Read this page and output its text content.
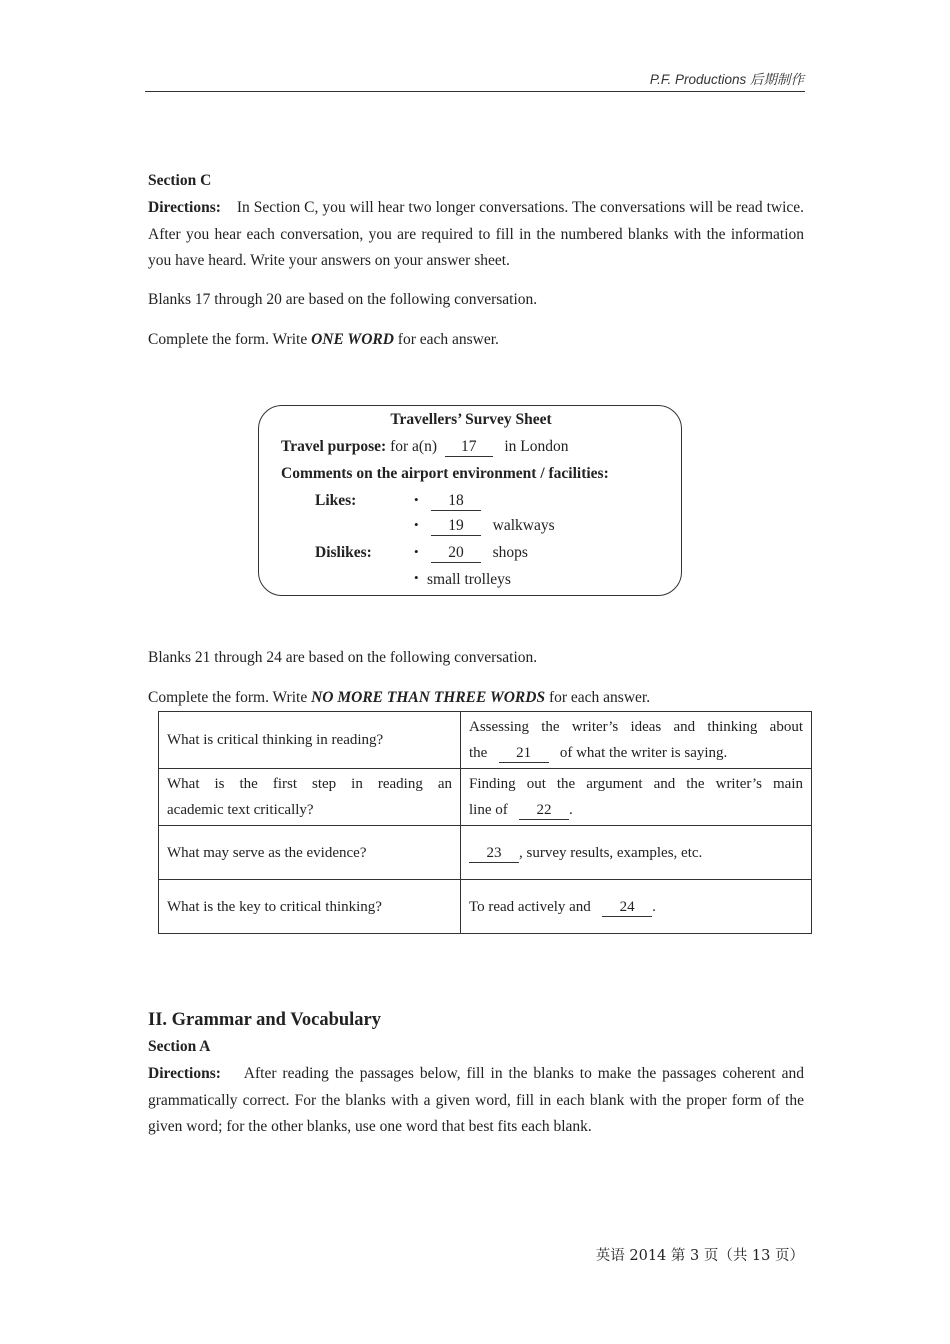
P.F. Productions 后期制作
Section C
Directions: In Section C, you will hear two longer conversations. The conversations will be read twice. After you hear each conversation, you are required to fill in the numbered blanks with the information you have heard. Write your answers on your answer sheet.
Blanks 17 through 20 are based on the following conversation.
Complete the form. Write ONE WORD for each answer.
Travellers’ Survey Sheet
Travel purpose: for a(n) 17 in London
Comments on the airport environment / facilities:
Likes:	•	18
•	19 walkways
Dislikes:	•	20 shops
• small trolleys
Blanks 21 through 24 are based on the following conversation.
Complete the form. Write NO MORE THAN THREE WORDS for each answer.
What is critical thinking in reading?	Assessing the writer’s ideas and thinking about
the 21 of what the writer is saying.

What is the first step in reading an
academic text critically?	Finding out the argument and the writer’s main
line of 22 .
What may serve as the evidence?	23 , survey results, examples, etc.
What is the key to critical thinking?	To read actively and 24 .
II. Grammar and Vocabulary
Section A
Directions: After reading the passages below, fill in the blanks to make the passages coherent and grammatically correct. For the blanks with a given word, fill in each blank with the proper form of the given word; for the other blanks, use one word that best fits each blank.
英语 2014 第 3 页（共 13 页）
